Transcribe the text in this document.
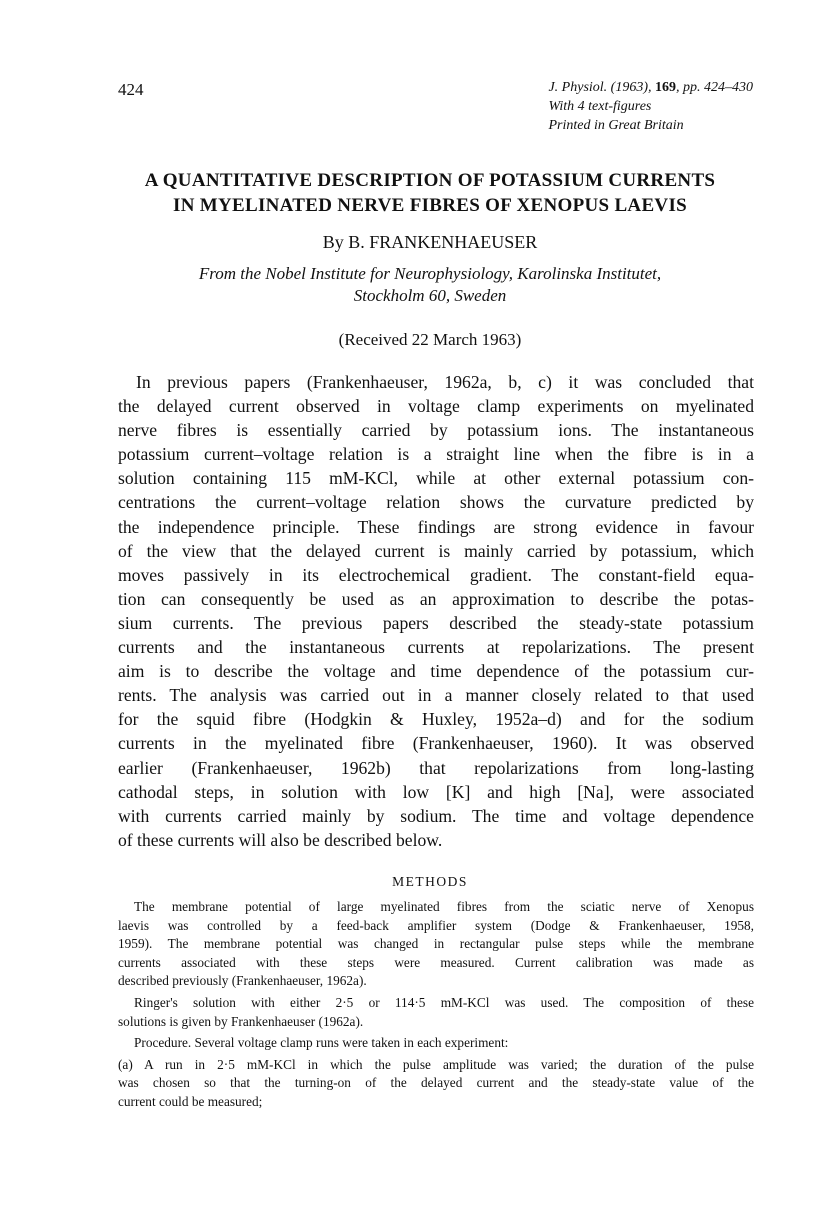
424	J. Physiol. (1963), 169, pp. 424–430
With 4 text-figures
Printed in Great Britain
A QUANTITATIVE DESCRIPTION OF POTASSIUM CURRENTS
IN MYELINATED NERVE FIBRES OF XENOPUS LAEVIS
By B. FRANKENHAEUSER
From the Nobel Institute for Neurophysiology, Karolinska Institutet,
Stockholm 60, Sweden
(Received 22 March 1963)
In previous papers (Frankenhaeuser, 1962a, b, c) it was concluded that
the delayed current observed in voltage clamp experiments on myelinated
nerve fibres is essentially carried by potassium ions. The instantaneous
potassium current–voltage relation is a straight line when the fibre is in a
solution containing 115 mM-KCl, while at other external potassium con-
centrations the current–voltage relation shows the curvature predicted by
the independence principle. These findings are strong evidence in favour
of the view that the delayed current is mainly carried by potassium, which
moves passively in its electrochemical gradient. The constant-field equa-
tion can consequently be used as an approximation to describe the potas-
sium currents. The previous papers described the steady-state potassium
currents and the instantaneous currents at repolarizations. The present
aim is to describe the voltage and time dependence of the potassium cur-
rents. The analysis was carried out in a manner closely related to that used
for the squid fibre (Hodgkin & Huxley, 1952a–d) and for the sodium
currents in the myelinated fibre (Frankenhaeuser, 1960). It was observed
earlier (Frankenhaeuser, 1962b) that repolarizations from long-lasting
cathodal steps, in solution with low [K] and high [Na], were associated
with currents carried mainly by sodium. The time and voltage dependence
of these currents will also be described below.
METHODS
The membrane potential of large myelinated fibres from the sciatic nerve of Xenopus
laevis was controlled by a feed-back amplifier system (Dodge & Frankenhaeuser, 1958,
1959). The membrane potential was changed in rectangular pulse steps while the membrane
currents associated with these steps were measured. Current calibration was made as
described previously (Frankenhaeuser, 1962a).
Ringer's solution with either 2·5 or 114·5 mM-KCl was used. The composition of these
solutions is given by Frankenhaeuser (1962a).
Procedure. Several voltage clamp runs were taken in each experiment:
(a) A run in 2·5 mM-KCl in which the pulse amplitude was varied; the duration of the pulse
was chosen so that the turning-on of the delayed current and the steady-state value of the
current could be measured;
